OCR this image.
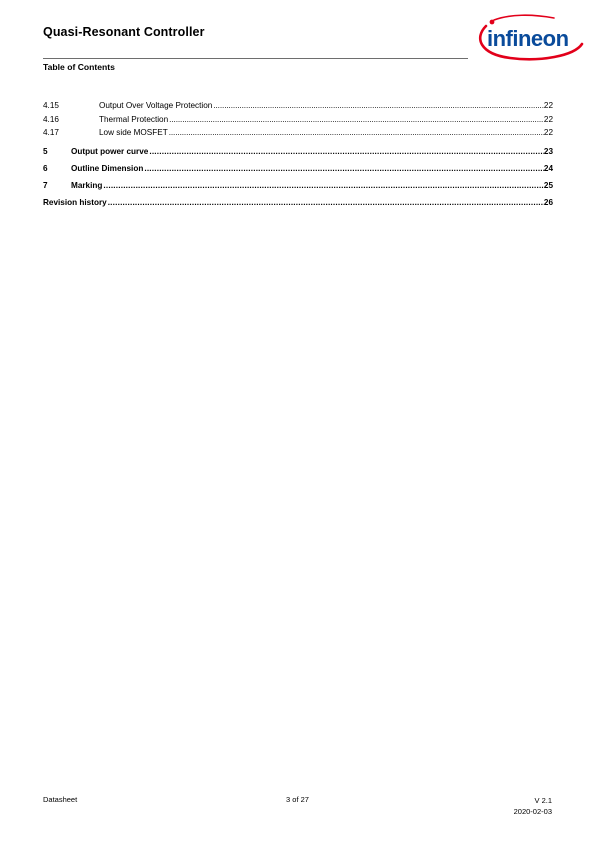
Quasi-Resonant Controller	infineon
Table of Contents
4.15	Output Over Voltage Protection .....	22
4.16	Thermal Protection .....	22
4.17	Low side MOSFET .....	22
5	Output power curve .....	23
6	Outline Dimension .....	24
7	Marking .....	25
Revision history .....	26
Datasheet	3 of 27	V 2.1
2020-02-03
